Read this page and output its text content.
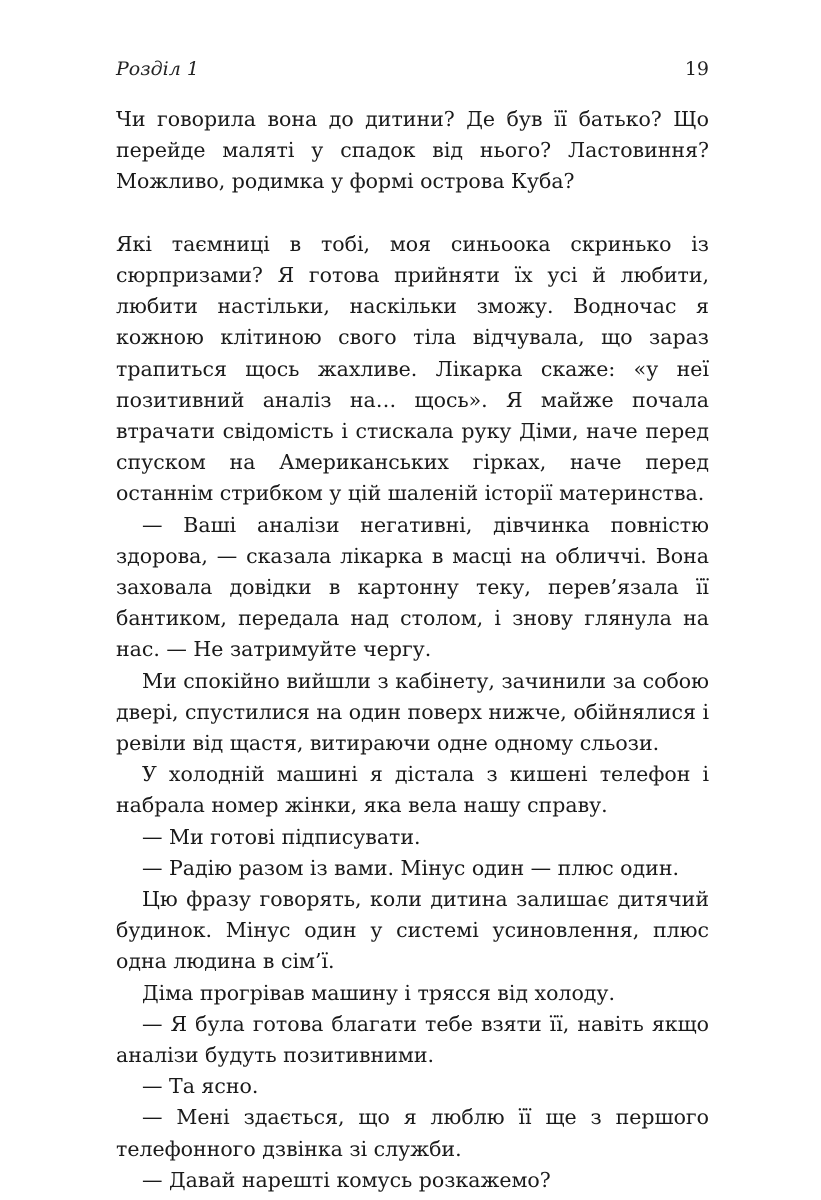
Розділ 1	19

Чи говорила вона до дитини? Де був її батько? Що перейде маляті у спадок від нього? Ластовиння? Можливо, родимка у формі острова Куба?

Які таємниці в тобі, моя синьоока скринько із сюрпризами? Я готова прийняти їх усі й любити, любити настільки, наскільки зможу. Водночас я кожною клітиною свого тіла відчувала, що зараз трапиться щось жахливе. Лікарка скаже: «у неї позитивний аналіз на… щось». Я майже почала втрачати свідомість і стискала руку Діми, наче перед спуском на Американських гірках, наче перед останнім стрибком у цій шаленій історії материнства.

— Ваші аналізи негативні, дівчинка повністю здорова, — сказала лікарка в масці на обличчі. Вона заховала довідки в картонну теку, перев’язала її бантиком, передала над столом, і знову глянула на нас. — Не затримуйте чергу.

Ми спокійно вийшли з кабінету, зачинили за собою двері, спустилися на один поверх нижче, обійнялися і ревіли від щастя, витираючи одне одному сльози.

У холодній машині я дістала з кишені телефон і набрала номер жінки, яка вела нашу справу.

— Ми готові підписувати.

— Радію разом із вами. Мінус один — плюс один.

Цю фразу говорять, коли дитина залишає дитячий будинок. Мінус один у системі усиновлення, плюс одна людина в сім’ї.

Діма прогрівав машину і трясся від холоду.

— Я була готова благати тебе взяти її, навіть якщо аналізи будуть позитивними.

— Та ясно.

— Мені здається, що я люблю її ще з першого телефонного дзвінка зі служби.

— Давай нарешті комусь розкажемо?
